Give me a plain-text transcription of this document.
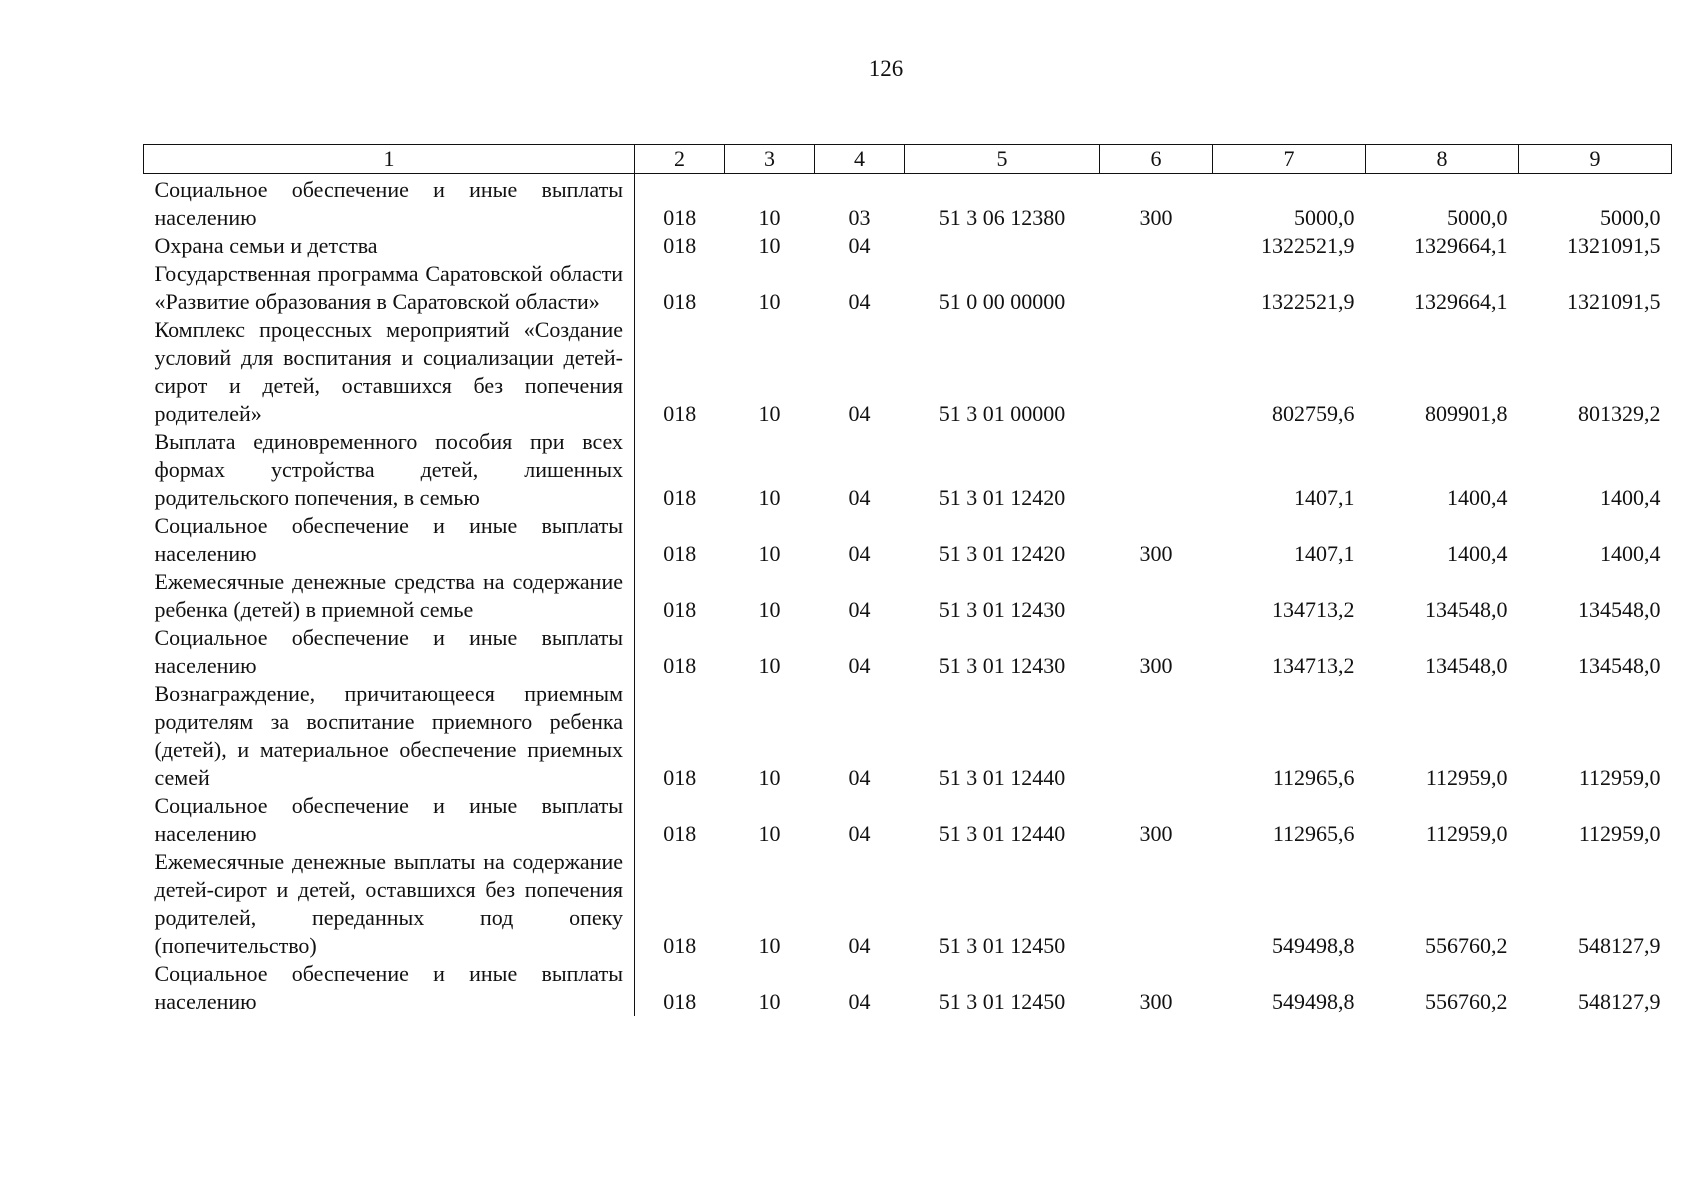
126
1	2	3	4	5	6	7	8	9
Социальное обеспечение и иные выплаты населению	018	10	03	51 3 06 12380	300	5000,0	5000,0	5000,0
Охрана семьи и детства	018	10	04			1322521,9	1329664,1	1321091,5
Государственная программа Саратовской области «Развитие образования в Саратовской области»	018	10	04	51 0 00 00000		1322521,9	1329664,1	1321091,5
Комплекс процессных мероприятий «Создание условий для воспитания и социализации детей-сирот и детей, оставшихся без попечения родителей»	018	10	04	51 3 01 00000		802759,6	809901,8	801329,2
Выплата единовременного пособия при всех формах устройства детей, лишенных родительского попечения, в семью	018	10	04	51 3 01 12420		1407,1	1400,4	1400,4
Социальное обеспечение и иные выплаты населению	018	10	04	51 3 01 12420	300	1407,1	1400,4	1400,4
Ежемесячные денежные средства на содержание ребенка (детей) в приемной семье	018	10	04	51 3 01 12430		134713,2	134548,0	134548,0
Социальное обеспечение и иные выплаты населению	018	10	04	51 3 01 12430	300	134713,2	134548,0	134548,0
Вознаграждение, причитающееся приемным родителям за воспитание приемного ребенка (детей), и материальное обеспечение приемных семей	018	10	04	51 3 01 12440		112965,6	112959,0	112959,0
Социальное обеспечение и иные выплаты населению	018	10	04	51 3 01 12440	300	112965,6	112959,0	112959,0
Ежемесячные денежные выплаты на содержание детей-сирот и детей, оставшихся без попечения родителей, переданных под опеку (попечительство)	018	10	04	51 3 01 12450		549498,8	556760,2	548127,9
Социальное обеспечение и иные выплаты населению	018	10	04	51 3 01 12450	300	549498,8	556760,2	548127,9
